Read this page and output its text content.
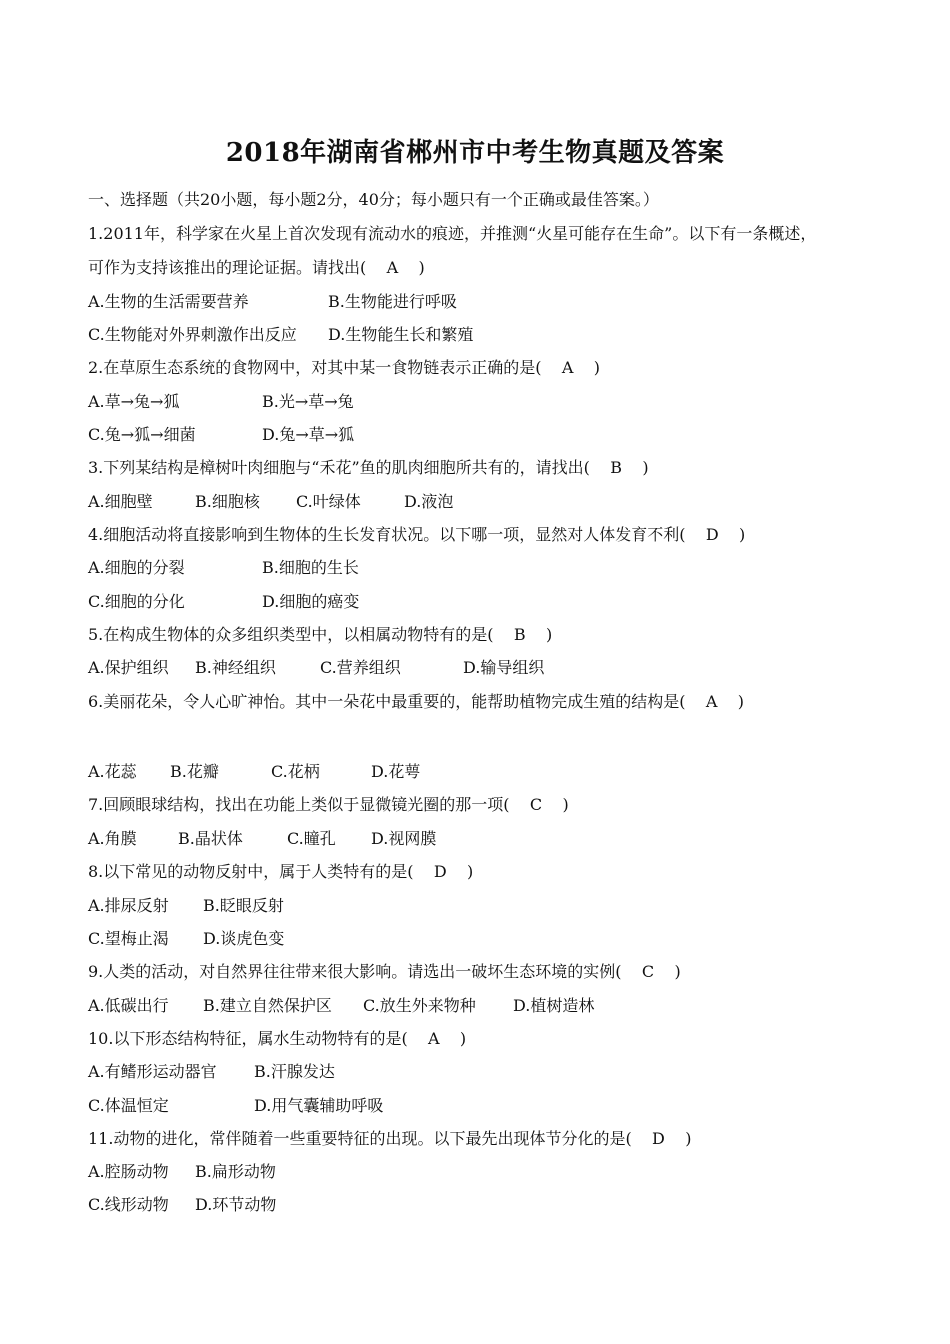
2018年湖南省郴州市中考生物真题及答案
一、选择题（共20小题，每小题2分，40分；每小题只有一个正确或最佳答案。）
1.2011年，科学家在火星上首次发现有流动水的痕迹，并推测“火星可能存在生命”。以下有一条概述，
可作为支持该推出的理论证据。请找出(    A    )
A.生物的生活需要营养	B.生物能进行呼吸
C.生物能对外界刺激作出反应 D.生物能生长和繁殖
2.在草原生态系统的食物网中，对其中某一食物链表示正确的是(    A    )
A.草→兔→狐	B.光→草→兔
C.兔→狐→细菌	D.兔→草→狐
3.下列某结构是樟树叶肉细胞与“禾花”鱼的肌肉细胞所共有的，请找出(    B    )
A.细胞壁	B.细胞核 C.叶绿体	D.液泡
4.细胞活动将直接影响到生物体的生长发育状况。以下哪一项，显然对人体发育不利(    D    )
A.细胞的分裂	B.细胞的生长
C.细胞的分化	D.细胞的癌变
5.在构成生物体的众多组织类型中，以相属动物特有的是(    B    )
A.保护组织 B.神经组织	C.营养组织	D.输导组织
6.美丽花朵，令人心旷神怡。其中一朵花中最重要的，能帮助植物完成生殖的结构是(    A    )
A.花蕊 B.花瓣	C.花柄	D.花萼
7.回顾眼球结构，找出在功能上类似于显微镜光圈的那一项(    C    )
A.角膜	B.晶状体	C.瞳孔 D.视网膜
8.以下常见的动物反射中，属于人类特有的是(    D    )
A.排尿反射 B.眨眼反射
C.望梅止渴 D.谈虎色变
9.人类的活动，对自然界往往带来很大影响。请选出一破坏生态环境的实例(    C    )
A.低碳出行 B.建立自然保护区 C.放生外来物种 D.植树造林
10.以下形态结构特征，属水生动物特有的是(    A    )
A.有鳍形运动器官 B.汗腺发达
C.体温恒定	D.用气囊辅助呼吸
11.动物的进化，常伴随着一些重要特征的出现。以下最先出现体节分化的是(    D    )
A.腔肠动物 B.扁形动物
C.线形动物 D.环节动物
